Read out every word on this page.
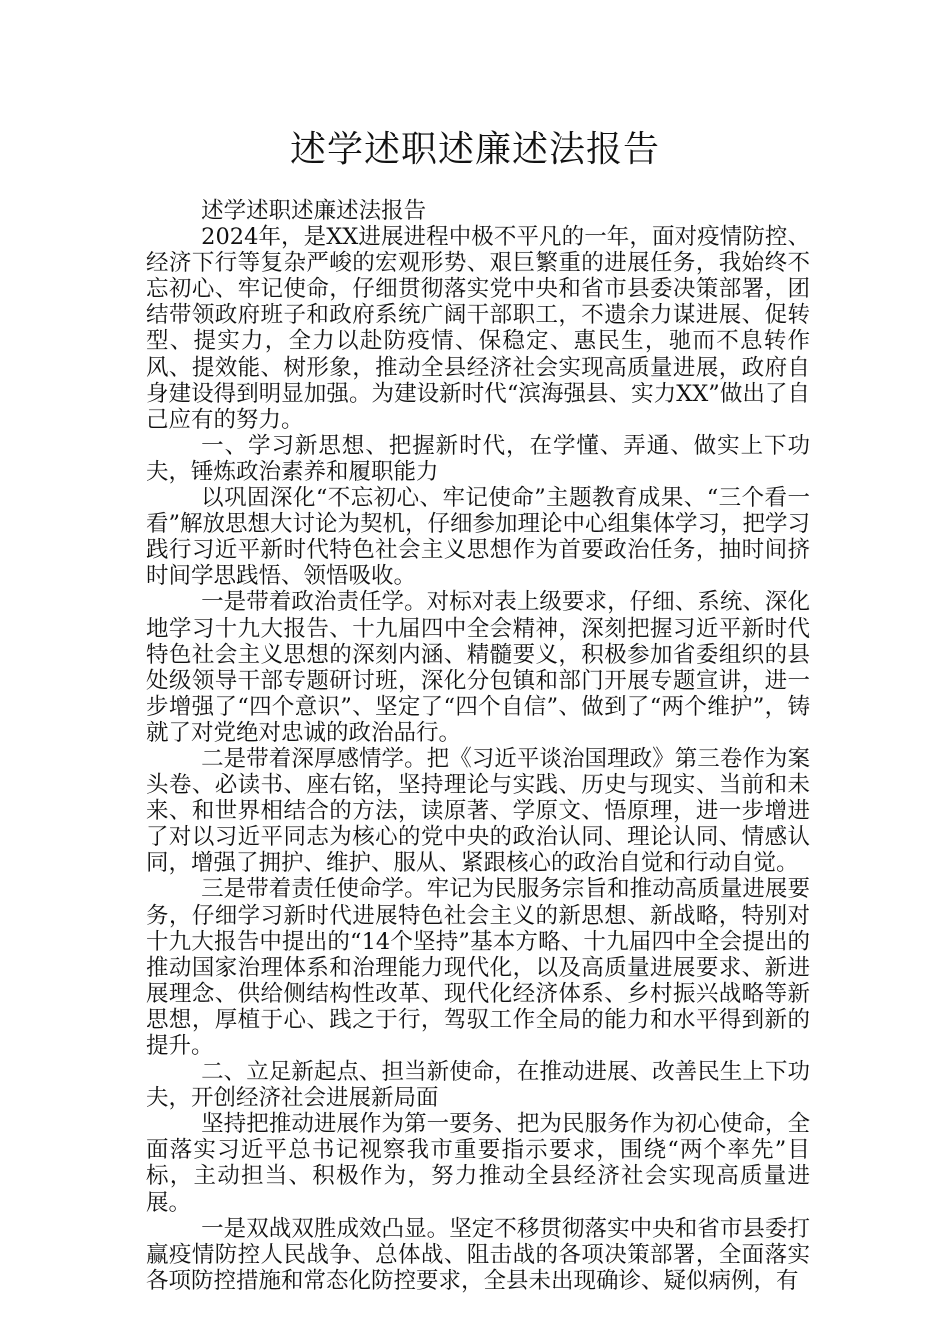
述学述职述廉述法报告

述学述职述廉述法报告

2024年，是XX进展进程中极不平凡的一年，面对疫情防控、经济下行等复杂严峻的宏观形势、艰巨繁重的进展任务，我始终不忘初心、牢记使命，仔细贯彻落实党中央和省市县委决策部署，团结带领政府班子和政府系统广阔干部职工，不遗余力谋进展、促转型、提实力，全力以赴防疫情、保稳定、惠民生，驰而不息转作风、提效能、树形象，推动全县经济社会实现高质量进展，政府自身建设得到明显加强。为建设新时代“滨海强县、实力XX”做出了自己应有的努力。

一、学习新思想、把握新时代，在学懂、弄通、做实上下功夫，锤炼政治素养和履职能力

以巩固深化“不忘初心、牢记使命”主题教育成果、“三个看一看”解放思想大讨论为契机，仔细参加理论中心组集体学习，把学习践行习近平新时代特色社会主义思想作为首要政治任务，抽时间挤时间学思践悟、领悟吸收。

一是带着政治责任学。对标对表上级要求，仔细、系统、深化地学习十九大报告、十九届四中全会精神，深刻把握习近平新时代特色社会主义思想的深刻内涵、精髓要义，积极参加省委组织的县处级领导干部专题研讨班，深化分包镇和部门开展专题宣讲，进一步增强了“四个意识”、坚定了“四个自信”、做到了“两个维护”，铸就了对党绝对忠诚的政治品行。

二是带着深厚感情学。把《习近平谈治国理政》第三卷作为案头卷、必读书、座右铭，坚持理论与实践、历史与现实、当前和未来、和世界相结合的方法，读原著、学原文、悟原理，进一步增进了对以习近平同志为核心的党中央的政治认同、理论认同、情感认同，增强了拥护、维护、服从、紧跟核心的政治自觉和行动自觉。

三是带着责任使命学。牢记为民服务宗旨和推动高质量进展要务，仔细学习新时代进展特色社会主义的新思想、新战略，特别对十九大报告中提出的“14个坚持”基本方略、十九届四中全会提出的推动国家治理体系和治理能力现代化，以及高质量进展要求、新进展理念、供给侧结构性改革、现代化经济体系、乡村振兴战略等新思想，厚植于心、践之于行，驾驭工作全局的能力和水平得到新的提升。

二、立足新起点、担当新使命，在推动进展、改善民生上下功夫，开创经济社会进展新局面

坚持把推动进展作为第一要务、把为民服务作为初心使命，全面落实习近平总书记视察我市重要指示要求，围绕“两个率先”目标，主动担当、积极作为，努力推动全县经济社会实现高质量进展。

一是双战双胜成效凸显。坚定不移贯彻落实中央和省市县委打赢疫情防控人民战争、总体战、阻击战的各项决策部署，全面落实各项防控措施和常态化防控要求，全县未出现确诊、疑似病例，有
